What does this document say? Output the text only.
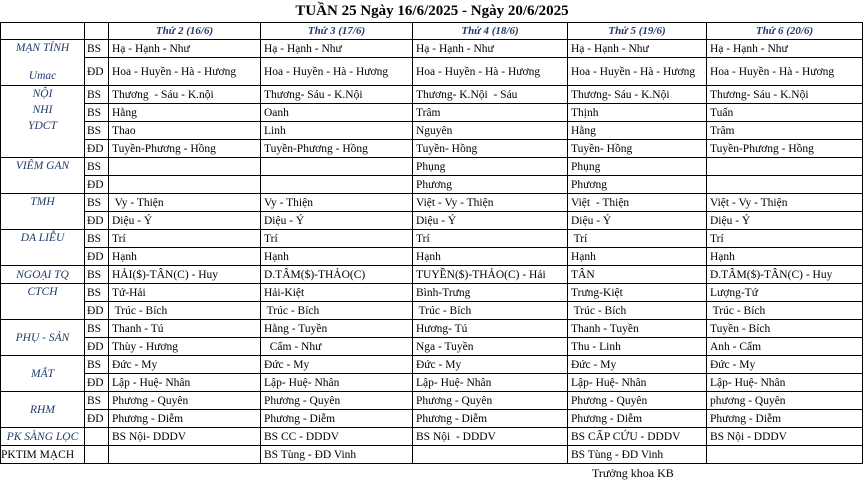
TUẦN 25 Ngày 16/6/2025 - Ngày 20/6/2025
		Thứ 2 (16/6)	Thứ 3 (17/6)	Thứ 4 (18/6)	Thứ 5 (19/6)	Thứ 6 (20/6)

MẠN TÍNH
Umac	BS	Hạ - Hạnh - Như	Hạ - Hạnh - Như	Hạ - Hạnh - Như	Hạ - Hạnh - Như	Hạ - Hạnh - Như
	ĐD	Hoa - Huyền - Hà - Hương	Hoa - Huyền - Hà - Hương	Hoa - Huyền - Hà - Hương	Hoa - Huyền - Hà - Hương	Hoa - Huyền - Hà - Hương

NỘI
NHI
YDCT	BS	Thương  - Sáu - K.nội	Thương- Sáu - K.Nội	Thương- K.Nội  - Sáu	Thương- Sáu - K.Nội	Thương- Sáu - K.Nội
	BS	Hằng	Oanh	Trâm	Thịnh	Tuấn
	BS	Thao	Linh	Nguyên	Hằng	Trâm
	ĐD	Tuyền-Phương - Hồng	Tuyền-Phương - Hồng	Tuyền- Hồng	Tuyền- Hồng	Tuyền-Phương - Hồng

VIÊM GAN	BS			Phụng	Phụng	
	ĐD			Phương	Phương	

TMH	BS	Vy - Thiện	Vy - Thiện	Việt - Vy - Thiện	Việt  - Thiện	Việt - Vy - Thiện
	ĐD	Diệu - Ý	Diệu - Ý	Diệu - Ý	Diệu - Ý	Diệu - Ý

DA LIỄU	BS	Trí	Trí	Trí	Trí	Trí
	ĐD	Hạnh	Hạnh	Hạnh	Hạnh	Hạnh

NGOẠI TQ	BS	HẢI($)-TÂN(C) - Huy	D.TÂM($)-THẢO(C)	TUYỀN($)-THẢO(C) - Hải	TÂN	D.TÂM($)-TÂN(C) - Huy

CTCH	BS	Tứ-Hải	Hải-Kiệt	Bình-Trưng	Trưng-Kiệt	Lượng-Tứ
	ĐD	Trúc - Bích	Trúc - Bích	Trúc - Bích	Trúc - Bích	Trúc - Bích

PHỤ - SẢN	BS	Thanh - Tú	Hằng - Tuyền	Hương- Tú	Thanh - Tuyền	Tuyền - Bích
	ĐD	Thùy - Hương	Cẩm - Như	Nga - Tuyền	Thu - Linh	Anh - Cẩm

MẮT	BS	Đức - My	Đức - My	Đức - My	Đức - My	Đức - My
	ĐD	Lập - Huệ- Nhân	Lập- Huệ- Nhân	Lập- Huệ- Nhân	Lập- Huệ- Nhân	Lập- Huệ- Nhân

RHM	BS	Phương - Quyên	Phương - Quyên	Phương - Quyên	Phương - Quyên	phương - Quyên
	ĐD	Phương - Diễm	Phương - Diễm	Phương - Diễm	Phương - Diễm	Phương - Diễm

PK SÀNG LỌC		BS Nội- DDDV	BS CC - DDDV	BS Nội  - DDDV	BS CẤP CỨU - DDDV	BS Nội - DDDV

PKTIM MẠCH			BS Tùng - ĐD Vinh		BS Tùng - ĐD Vinh	
Trưởng khoa KB
